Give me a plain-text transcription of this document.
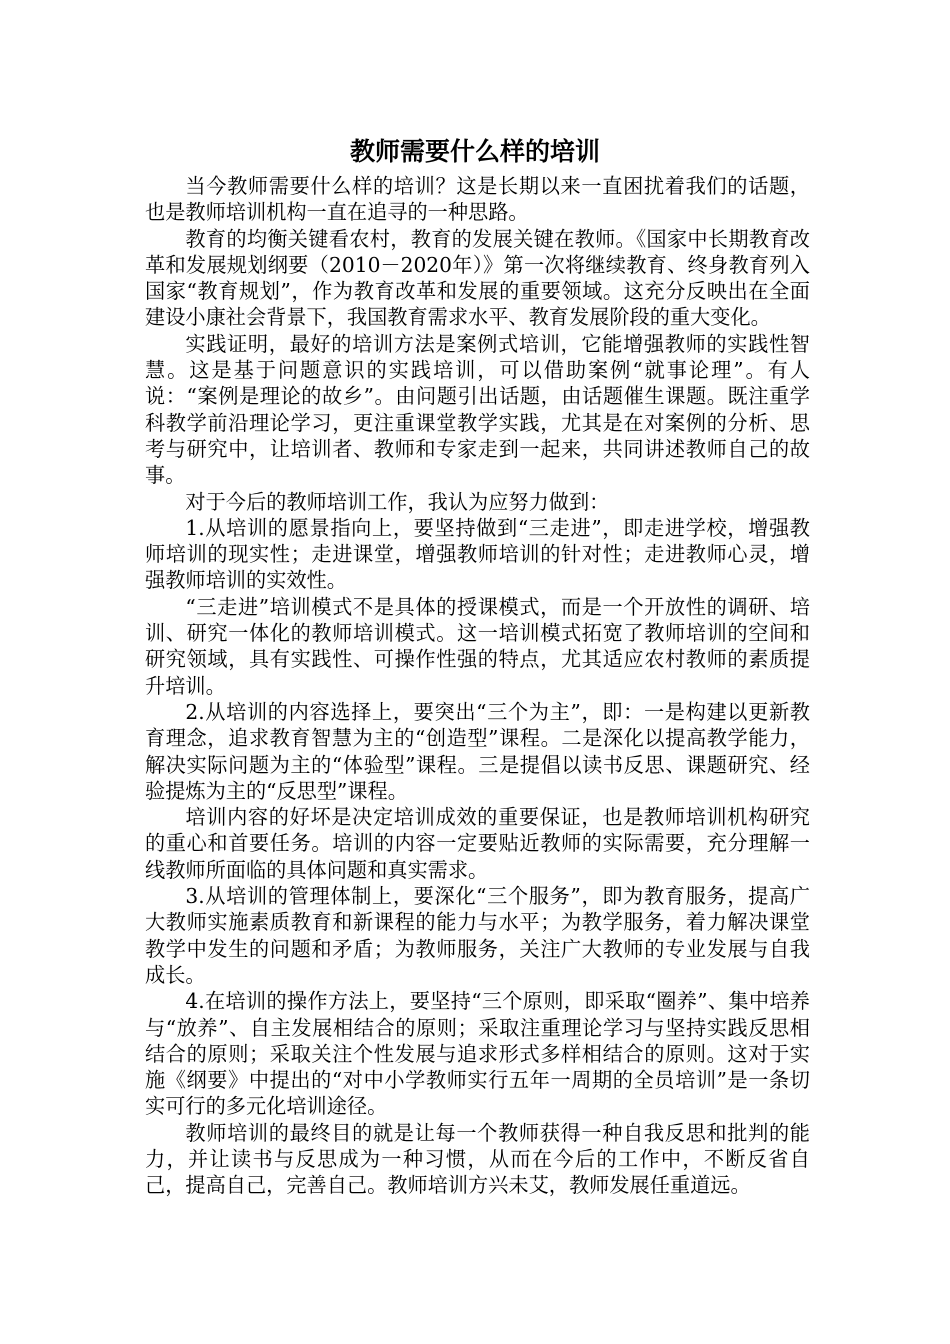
教师需要什么样的培训

当今教师需要什么样的培训？这是长期以来一直困扰着我们的话题，也是教师培训机构一直在追寻的一种思路。

教育的均衡关键看农村，教育的发展关键在教师。《国家中长期教育改革和发展规划纲要（2010－2020年）》第一次将继续教育、终身教育列入国家“教育规划”，作为教育改革和发展的重要领域。这充分反映出在全面建设小康社会背景下，我国教育需求水平、教育发展阶段的重大变化。

实践证明，最好的培训方法是案例式培训，它能增强教师的实践性智慧。这是基于问题意识的实践培训，可以借助案例“就事论理”。有人说：“案例是理论的故乡”。由问题引出话题，由话题催生课题。既注重学科教学前沿理论学习，更注重课堂教学实践，尤其是在对案例的分析、思考与研究中，让培训者、教师和专家走到一起来，共同讲述教师自己的故事。

对于今后的教师培训工作，我认为应努力做到：

1.从培训的愿景指向上，要坚持做到“三走进”，即走进学校，增强教师培训的现实性；走进课堂，增强教师培训的针对性；走进教师心灵，增强教师培训的实效性。

“三走进”培训模式不是具体的授课模式，而是一个开放性的调研、培训、研究一体化的教师培训模式。这一培训模式拓宽了教师培训的空间和研究领域，具有实践性、可操作性强的特点，尤其适应农村教师的素质提升培训。

2.从培训的内容选择上，要突出“三个为主”，即：一是构建以更新教育理念，追求教育智慧为主的“创造型”课程。二是深化以提高教学能力，解决实际问题为主的“体验型”课程。三是提倡以读书反思、课题研究、经验提炼为主的“反思型”课程。

培训内容的好坏是决定培训成效的重要保证，也是教师培训机构研究的重心和首要任务。培训的内容一定要贴近教师的实际需要，充分理解一线教师所面临的具体问题和真实需求。

3.从培训的管理体制上，要深化“三个服务”，即为教育服务，提高广大教师实施素质教育和新课程的能力与水平；为教学服务，着力解决课堂教学中发生的问题和矛盾；为教师服务，关注广大教师的专业发展与自我成长。

4.在培训的操作方法上，要坚持“三个原则，即采取“圈养”、集中培养与“放养”、自主发展相结合的原则；采取注重理论学习与坚持实践反思相结合的原则；采取关注个性发展与追求形式多样相结合的原则。这对于实施《纲要》中提出的“对中小学教师实行五年一周期的全员培训”是一条切实可行的多元化培训途径。

教师培训的最终目的就是让每一个教师获得一种自我反思和批判的能力，并让读书与反思成为一种习惯，从而在今后的工作中，不断反省自己，提高自己，完善自己。教师培训方兴未艾，教师发展任重道远。
